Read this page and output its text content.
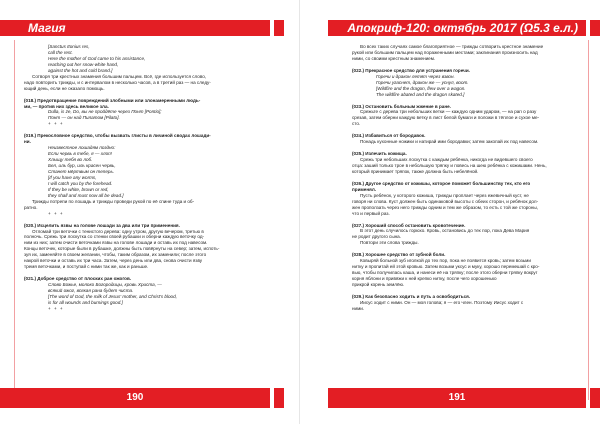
Магия
[Sanctus Itonius res,
call the rest.
Here the mother of God came to his assistance,
reaching out her snow-white hand,
against the hot and cold brand.]
Сотворя три крестных знамения большим пальцем. Всё, где используется слово,
надо повторить трижды, и с интервалом в несколько часов, а в третий раз — на следу-
ющий день, если не оказало помощь.
(018.) Предотвращение повреждений злобными или злонамеренными людь-
ми, — против них здесь великое зла.
Dulla, іs ze, Do, вы не пройдёте через Понт [Pontio];
Понт — он над Пилатом [Pilato].
+ + +
(019.) Прекословное средство, чтобы вызвать глисты в личиной сводах лошади-
ни.
Неизвестное лошадям поздно:
Если червь в тебе, я — хлоп!
Хлыщу тебя во лоб.
Бел, иль бур, иль красен червь,
Станет мёртвым он теперь.
[If you have any worms,
I will catch you by the forehead.
If they be white, brown or red,
they shall and must now all be dead.]
Трижды потрепи по лошадь и трижды проведи рукой по её спине туда и об-
ратно.
+ + +
(020.) Исцелить язвы на голове лошади за два или три применения.
Отломай три веточки с тенистого дерева: одну утром, другую вечером, третью в
полночь. Срежь три лоскутка со стенки своей рубашки и оберни каждую веточку од-
ним из них; затем очисти веточками язвы на голове лошади и оставь их под навесом.
Концы веточек, которые были в рубашке, должны быть повёрнуты на север; затем, испоть-
зуя их, заменяйте в своем желании, чтобы, таким образом, их заменили; после этого
накрой веточки и оставь их три часа. Затем, через день или два, снова очисти язву
тремя веточками, и поступай с ними так же, как и раньше.
(021.) Доброе средство от плоских ран ожогов.
Слово Божье, молоко Богородицы, кровь Христа, —
всякий ожог, всякая рана будет чиста.
[The word of God, the milk of Jesus' mother, and Christ's blood,
is for all wounds and burnings good.]
+ + +
190
Апокриф-120: октябрь 2017 (Ω5.3 е.л.)
Во всех таких случаях самое благоприятное — трижды сотворить крестное знамение
рукой или большим пальцем над пораженными местами; заклинания произносить над
ними, со своими крестным знамением.
(022.) Прекрасное средство для устранения горечи.
Горечи и дракон летят через взвон.
Горечи угаснет, дракон же — уснул, воот.
[Wildfire and the dragon, flew over a wagon.
The wildfire abated and the dragon skated.]
(023.) Остановить больным жжение в ране.
Срежьте с дерева три небольших ветки — каждую одним ударом, — на рап о разу
срезав, затем оберни каждую ветку в лист белой бумаги и положи в тёплое и сухое ме-
сто.
(024.) Избавиться от бородавок.
Понадь кухонные ножики и натирай ими бородавки; затем закопай их под навесом.
(025.) Излечить кожища.
Срежь три небольших лоскутка с каждым ребёнка, никогда не видевшего своего
отца: заший только трое в небольшую тряпку и повесь на шею ребёнка с кожишами. Нень,
который принимает тряпок, также должна быть небелёной.
(026.) Другое средство от кожишы, которое поможет большинству тех, кто его
применял.
Пусть ребёнок, у которого кожиша, трижды проплает через ежевичный куст, не
говоря ни слова. Куст должен быть одинаковой высоты с обеих сторон, и ребёнок дол-
жен проползать через него трижды одним и тем же образом, то есть с той же стороны,
что и первый раз.
(027.) Хороший способ остановить кровотечение.
В этот день случилось горюхо. Кровь, остановись до тех пор, пока Дева Мария
не родит другого сына.
Повтори эти слова трижды.
(028.) Хорошее средство от зубной боли.
Ковыряй больной зуб иголкой до тех пор, пока не появится кровь; затем возьми
нитку и пропитай ей этой кровью. Затем возьми уксус и муку, хорошо перемешай с кро-
вью, чтобы получилась каша, и нанеси её на тряпку; после этого оберни тряпку вокруг
корня яблони и привяжи к ней крепко нитку, после чего хорошенько
прикрой корень землёю.
(029.) Как безопасно ходить и путь а освободиться.
Иисус ходит с ними. Он — моя голова; я — его член. Поэтому Иисус ходит с
ними.
191
